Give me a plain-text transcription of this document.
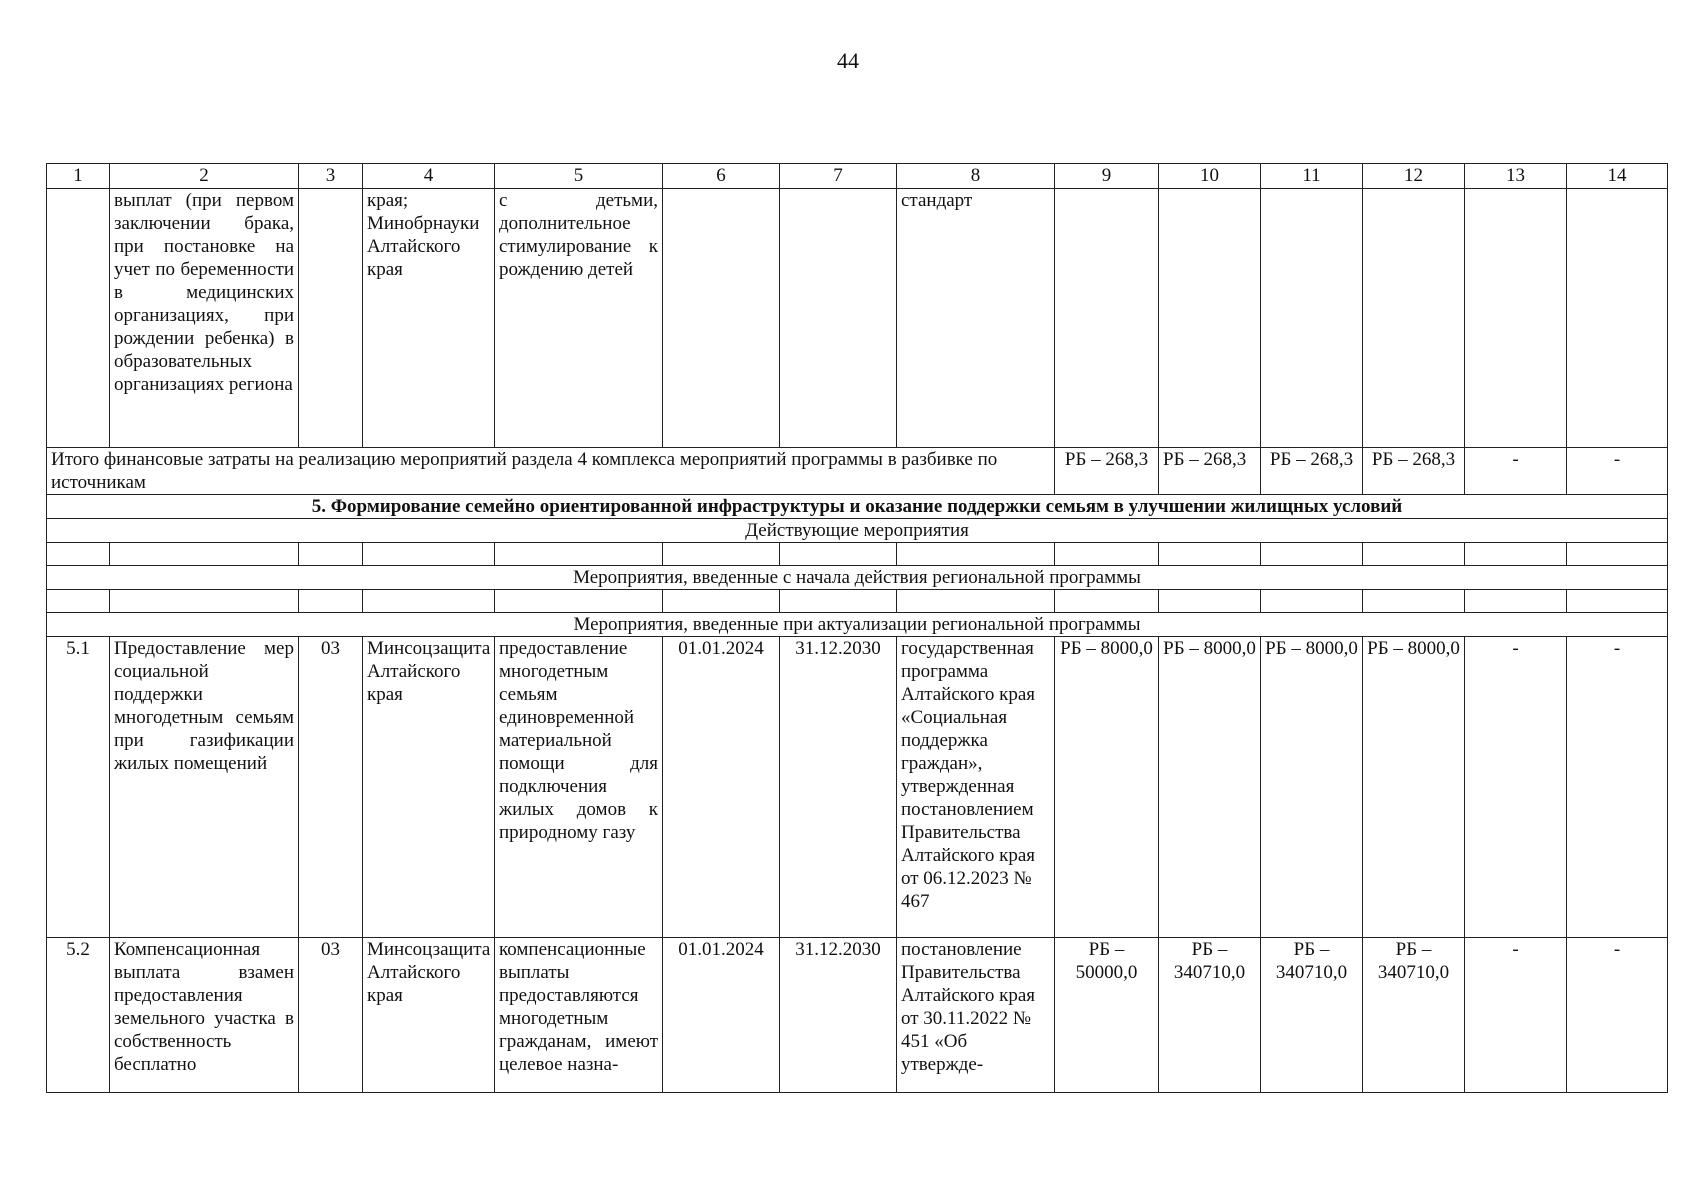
44
1	2	3	4	5	6	7	8	9	10	11	12	13	14
	выплат (при первом заключении брака, при постановке на учет по беременности в медицинских организациях, при рождении ребенка) в образовательных организациях региона		края; Минобрнауки Алтайского края	с детьми, дополнительное стимулирование к рождению детей			стандарт						
Итого финансовые затраты на реализацию мероприятий раздела 4 комплекса мероприятий программы в разбивке по источникам								РБ – 268,3	РБ – 268,3	РБ – 268,3	РБ – 268,3	-	-
5. Формирование семейно ориентированной инфраструктуры и оказание поддержки семьям в улучшении жилищных условий													
Действующие мероприятия													

Мероприятия, введенные с начала действия региональной программы													

Мероприятия, введенные при актуализации региональной программы													
5.1	Предоставление мер социальной поддержки многодетным семьям при газификации жилых помещений	03	Минсоцзащита Алтайского края	предоставление многодетным семьям единовременной материальной помощи для подключения жилых домов к природному газу	01.01.2024	31.12.2030	государственная программа Алтайского края «Социальная поддержка граждан», утвержденная постановлением Правительства Алтайского края от 06.12.2023 № 467	РБ – 8000,0	РБ – 8000,0	РБ – 8000,0	РБ – 8000,0	-	-
5.2	Компенсационная выплата взамен предоставления земельного участка в собственность бесплатно	03	Минсоцзащита Алтайского края	компенсационные выплаты предоставляются многодетным гражданам, имеют целевое назна-	01.01.2024	31.12.2030	постановление Правительства Алтайского края от 30.11.2022 № 451 «Об утвержде-	РБ – 50000,0	РБ – 340710,0	РБ – 340710,0	РБ – 340710,0	-	-
